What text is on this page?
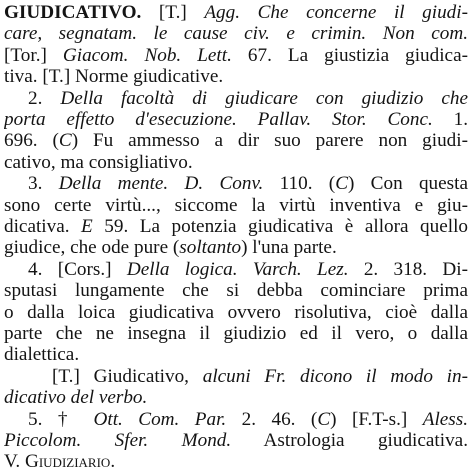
GIUDICATIVO. [T.] Agg. Che concerne il giudi-
care, segnatam. le cause civ. e crimin. Non com.
[Tor.] Giacom. Nob. Lett. 67. La giustizia giudica-
tiva. [T.] Norme giudicative.
2. Della facoltà di giudicare con giudizio che
porta effetto d'esecuzione. Pallav. Stor. Conc. 1.
696. (C) Fu ammesso a dir suo parere non giudi-
cativo, ma consigliativo.
3. Della mente. D. Conv. 110. (C) Con questa
sono certe virtù..., siccome la virtù inventiva e giu-
dicativa. E 59. La potenzia giudicativa è allora quello
giudice, che ode pure (soltanto) l'una parte.
4. [Cors.] Della logica. Varch. Lez. 2. 318. Di-
sputasi lungamente che si debba cominciare prima
o dalla loica giudicativa ovvero risolutiva, cioè dalla
parte che ne insegna il giudizio ed il vero, o dalla
dialettica.
[T.] Giudicativo, alcuni Fr. dicono il modo in-
dicativo del verbo.
5. † Ott. Com. Par. 2. 46. (C) [F.T-s.] Aless.
Piccolom. Sfer. Mond. Astrologia giudicativa.
V. Giudiziario.
